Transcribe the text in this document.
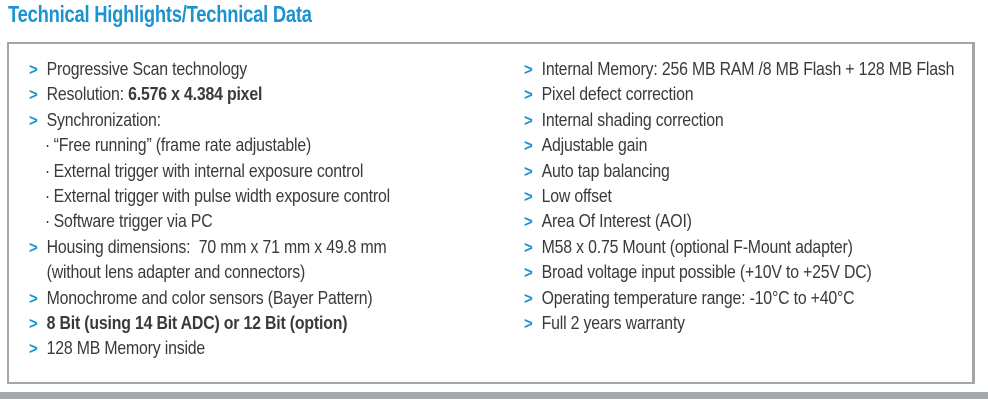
Technical Highlights/Technical Data
> Progressive Scan technology
> Resolution: 6.576 x 4.384 pixel
> Synchronization:
· “Free running” (frame rate adjustable)
· External trigger with internal exposure control
· External trigger with pulse width exposure control
· Software trigger via PC
> Housing dimensions:  70 mm x 71 mm x 49.8 mm
(without lens adapter and connectors)
> Monochrome and color sensors (Bayer Pattern)
> 8 Bit (using 14 Bit ADC) or 12 Bit (option)
> 128 MB Memory inside
> Internal Memory: 256 MB RAM /8 MB Flash + 128 MB Flash
> Pixel defect correction
> Internal shading correction
> Adjustable gain
> Auto tap balancing
> Low offset
> Area Of Interest (AOI)
> M58 x 0.75 Mount (optional F-Mount adapter)
> Broad voltage input possible (+10V to +25V DC)
> Operating temperature range: -10°C to +40°C
> Full 2 years warranty
